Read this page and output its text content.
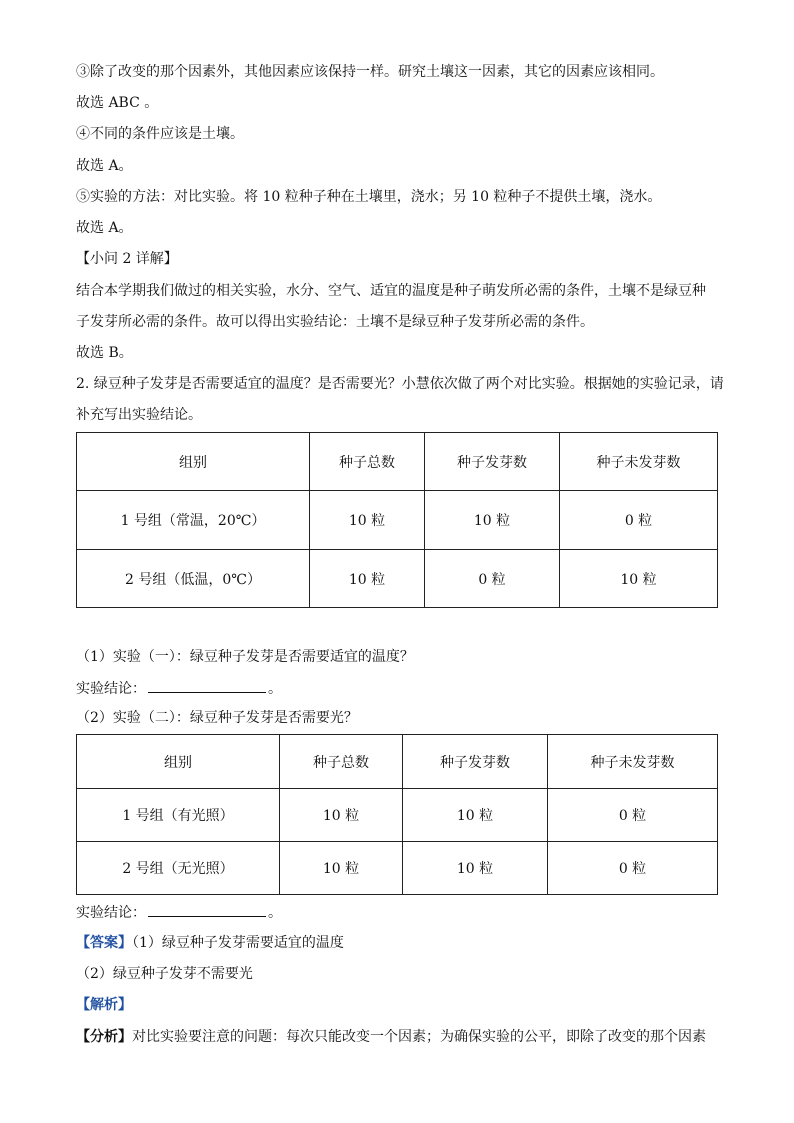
③除了改变的那个因素外，其他因素应该保持一样。研究土壤这一因素，其它的因素应该相同。
故选 ABC 。
④不同的条件应该是土壤。
故选 A。
⑤实验的方法：对比实验。将 10 粒种子种在土壤里，浇水；另 10 粒种子不提供土壤，浇水。
故选 A。
【小问 2 详解】
结合本学期我们做过的相关实验，水分、空气、适宜的温度是种子萌发所必需的条件，土壤不是绿豆种
子发芽所必需的条件。故可以得出实验结论：土壤不是绿豆种子发芽所必需的条件。
故选 B。
2. 绿豆种子发芽是否需要适宜的温度？是否需要光？小慧依次做了两个对比实验。根据她的实验记录，请
补充写出实验结论。
组别	种子总数	种子发芽数	种子未发芽数
1 号组（常温，20℃）	10 粒	10 粒	0 粒
2 号组（低温，0℃）	10 粒	0 粒	10 粒
（1）实验（一）：绿豆种子发芽是否需要适宜的温度？
实验结论：	。
（2）实验（二）：绿豆种子发芽是否需要光？
组别	种子总数	种子发芽数	种子未发芽数
1 号组（有光照）	10 粒	10 粒	0 粒
2 号组（无光照）	10 粒	10 粒	0 粒
实验结论：	。
【答案】（1）绿豆种子发芽需要适宜的温度
（2）绿豆种子发芽不需要光
【解析】
【分析】对比实验要注意的问题：每次只能改变一个因素；为确保实验的公平，即除了改变的那个因素
